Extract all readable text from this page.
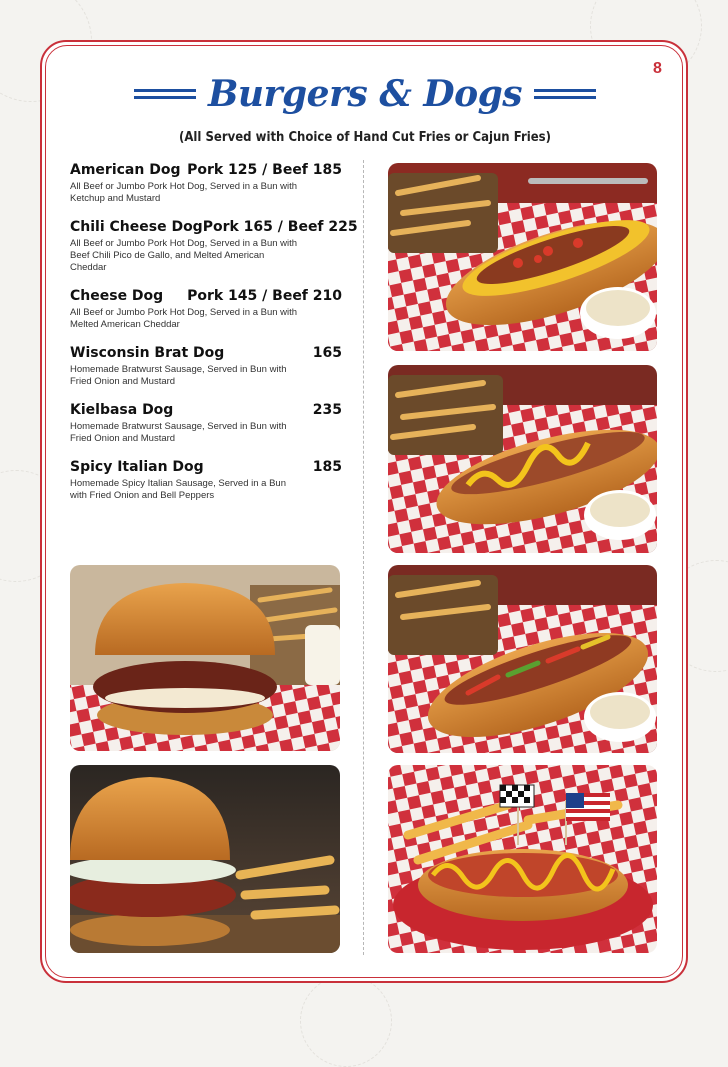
8
Burgers & Dogs
(All Served with Choice of Hand Cut Fries or Cajun Fries)
American Dog Pork 125 / Beef 185
All Beef or Jumbo Pork Hot Dog, Served in a Bun with Ketchup and Mustard
Chili Cheese Dog Pork 165 / Beef 225
All Beef or Jumbo Pork Hot Dog, Served in a Bun with Beef Chili Pico de Gallo, and Melted American Cheddar
Cheese Dog Pork 145 / Beef 210
All Beef or Jumbo Pork Hot Dog, Served in a Bun with Melted American Cheddar
Wisconsin Brat Dog	165
Homemade Bratwurst Sausage, Served in Bun with Fried Onion and Mustard
Kielbasa Dog	235
Homemade Bratwurst Sausage, Served in Bun with Fried Onion and Mustard
Spicy Italian Dog	185
Homemade Spicy Italian Sausage, Served in a Bun with Fried Onion and Bell Peppers
